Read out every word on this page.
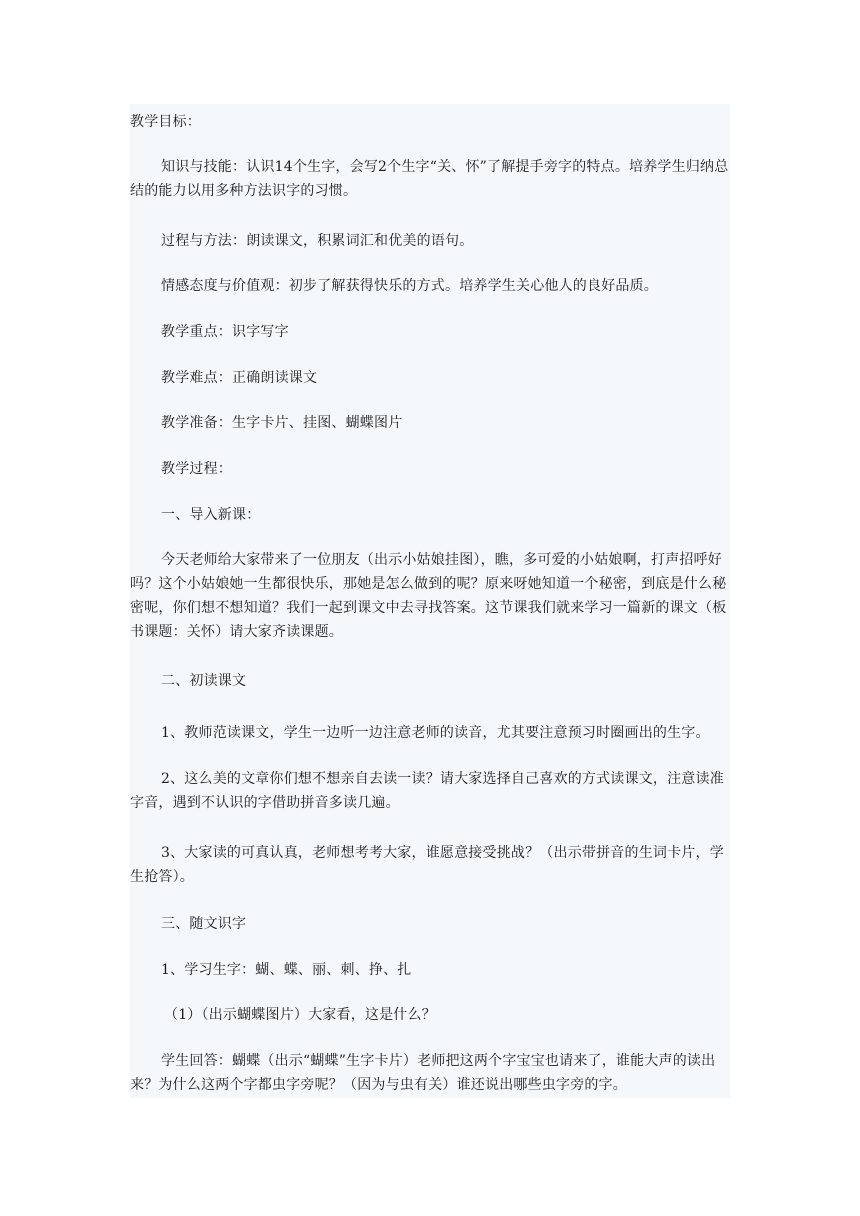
教学目标：

知识与技能：认识14个生字，会写2个生字“关、怀”了解提手旁字的特点。培养学生归纳总结的能力以用多种方法识字的习惯。

过程与方法：朗读课文，积累词汇和优美的语句。

情感态度与价值观：初步了解获得快乐的方式。培养学生关心他人的良好品质。

教学重点：识字写字

教学难点：正确朗读课文

教学准备：生字卡片、挂图、蝴蝶图片

教学过程：

一、导入新课：

今天老师给大家带来了一位朋友（出示小姑娘挂图），瞧，多可爱的小姑娘啊，打声招呼好吗？这个小姑娘她一生都很快乐，那她是怎么做到的呢？原来呀她知道一个秘密，到底是什么秘密呢，你们想不想知道？我们一起到课文中去寻找答案。这节课我们就来学习一篇新的课文（板书课题：关怀）请大家齐读课题。

二、初读课文

1、教师范读课文，学生一边听一边注意老师的读音，尤其要注意预习时圈画出的生字。

2、这么美的文章你们想不想亲自去读一读？请大家选择自己喜欢的方式读课文，注意读准字音，遇到不认识的字借助拼音多读几遍。

3、大家读的可真认真，老师想考考大家，谁愿意接受挑战？（出示带拼音的生词卡片，学生抢答）。

三、随文识字

1、学习生字：蝴、蝶、丽、刺、挣、扎

（1）（出示蝴蝶图片）大家看，这是什么？

学生回答：蝴蝶（出示“蝴蝶”生字卡片）老师把这两个字宝宝也请来了，谁能大声的读出来？为什么这两个字都虫字旁呢？（因为与虫有关）谁还说出哪些虫字旁的字。
